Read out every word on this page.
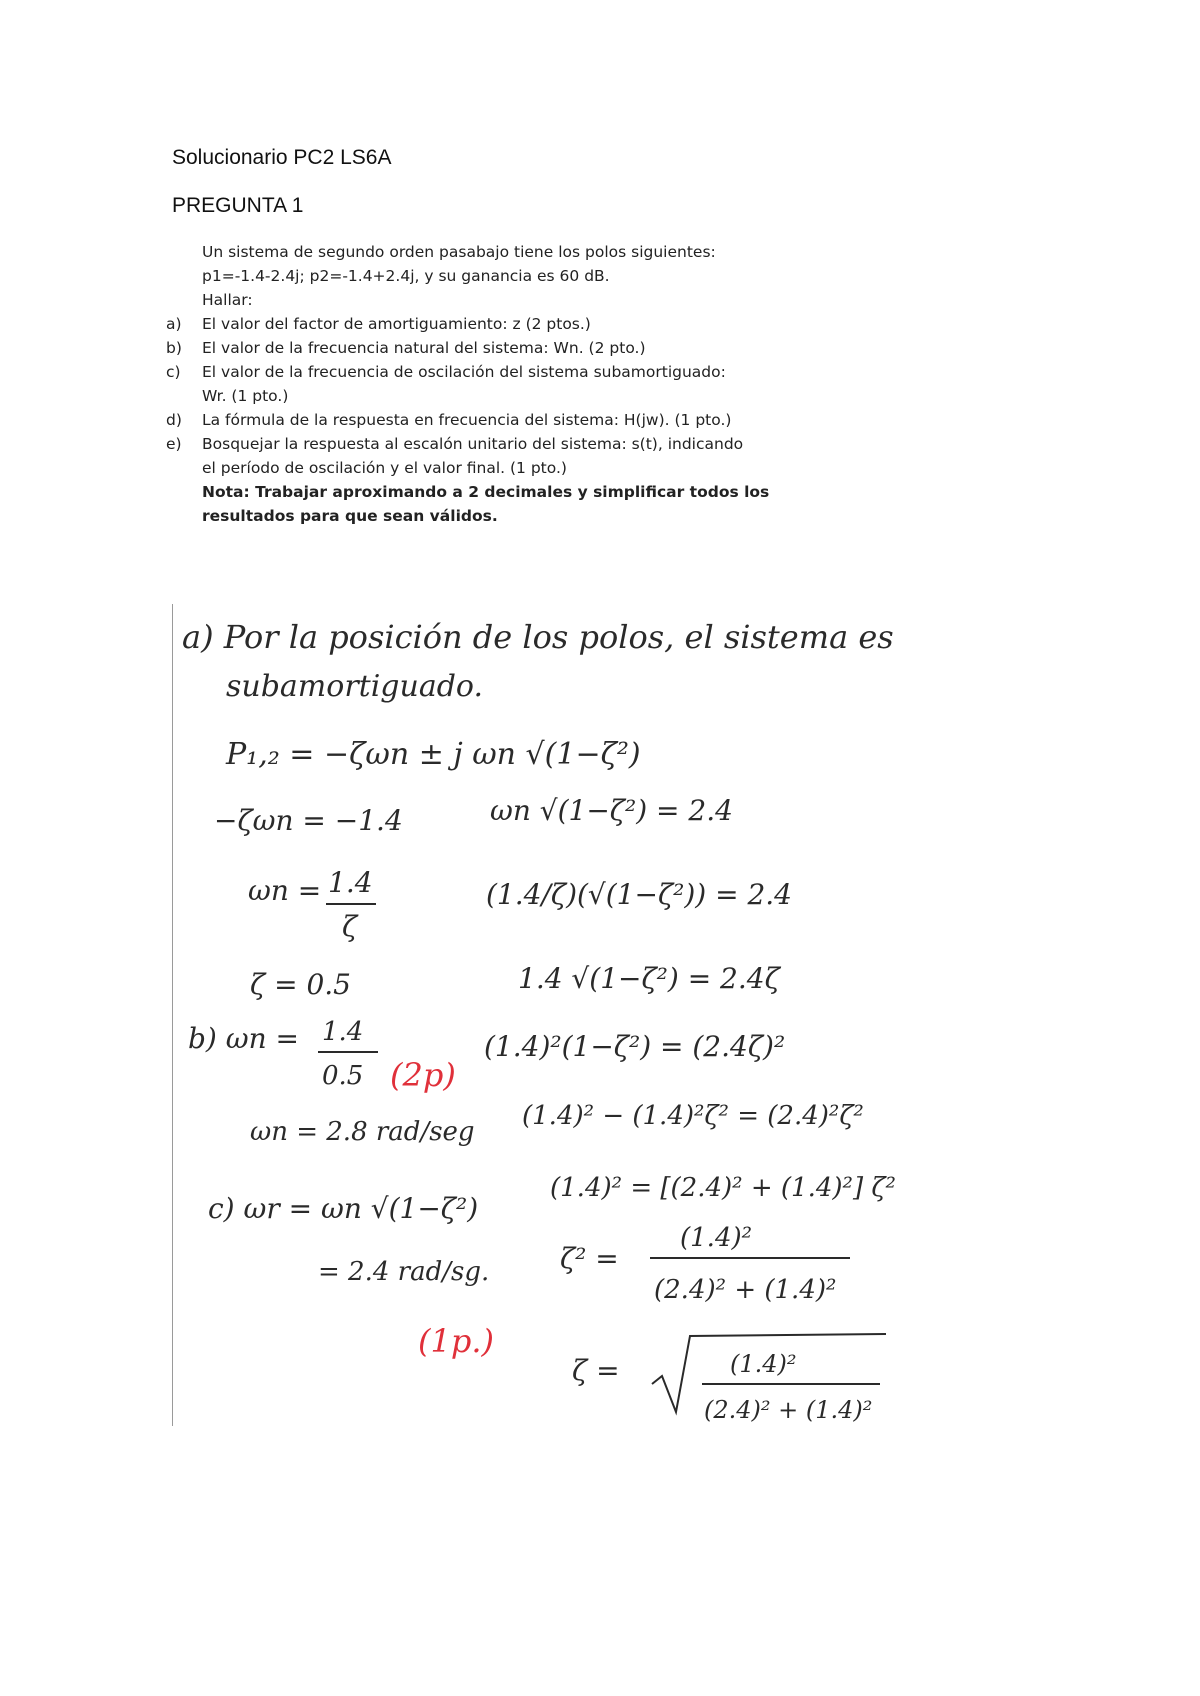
Solucionario PC2 LS6A
PREGUNTA 1
Un sistema de segundo orden pasabajo tiene los polos siguientes:
p1=-1.4-2.4j; p2=-1.4+2.4j, y su ganancia es 60 dB.
Hallar:
a)	El valor del factor de amortiguamiento: z (2 ptos.)
b)	El valor de la frecuencia natural del sistema: Wn. (2 pto.)
c)	El valor de la frecuencia de oscilación del sistema subamortiguado:
Wr. (1 pto.)
d)	La fórmula de la respuesta en frecuencia del sistema: H(jw). (1 pto.)
e)	Bosquejar la respuesta al escalón unitario del sistema: s(t), indicando
el período de oscilación y el valor final. (1 pto.)
Nota: Trabajar aproximando a 2 decimales y simplificar todos los
resultados para que sean válidos.
a) Por la posición de los polos, el sistema es
subamortiguado.
P₁,₂ = −ζωn ± j ωn √(1−ζ²)
−ζωn = −1.4	ωn √(1−ζ²) = 2.4
ωn = 1.4
ζ
(1.4/ζ)(√(1−ζ²)) = 2.4
ζ = 0.5	1.4 √(1−ζ²) = 2.4ζ
b) ωn = 1.4
0.5 (2p)
ωn = 2.8 rad/seg
(1.4)²(1−ζ²) = (2.4ζ)²
(1.4)² − (1.4)²ζ² = (2.4)²ζ²
(1.4)² = [(2.4)² + (1.4)²] ζ²
c) ωr = ωn √(1−ζ²)
= 2.4 rad/sg.
(1p.)
ζ² =
(1.4)²
(2.4)² + (1.4)²
ζ =	(1.4)²
(2.4)² + (1.4)²
